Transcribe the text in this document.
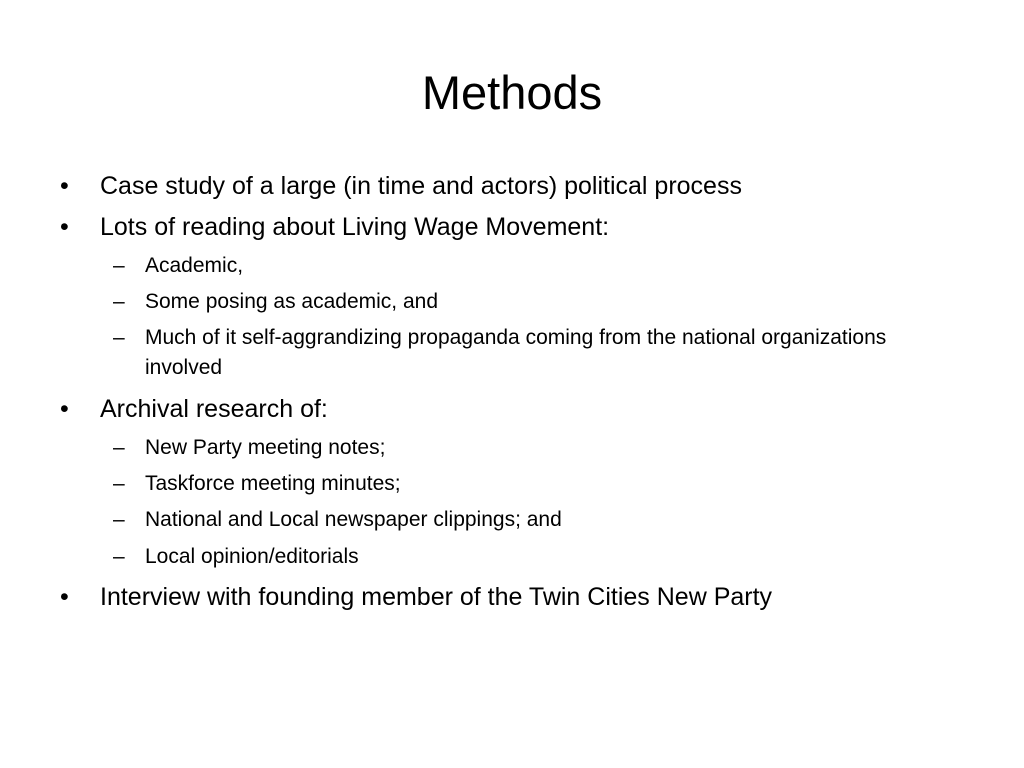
Methods
•	Case study of a large (in time and actors) political process
•	Lots of reading about Living Wage Movement:
– Academic,
– Some posing as academic, and
– Much of it self-aggrandizing propaganda coming from the national organizations involved
•	Archival research of:
– New Party meeting notes;
– Taskforce meeting minutes;
– National and Local newspaper clippings; and
– Local opinion/editorials
•	Interview with founding member of the Twin Cities New Party
